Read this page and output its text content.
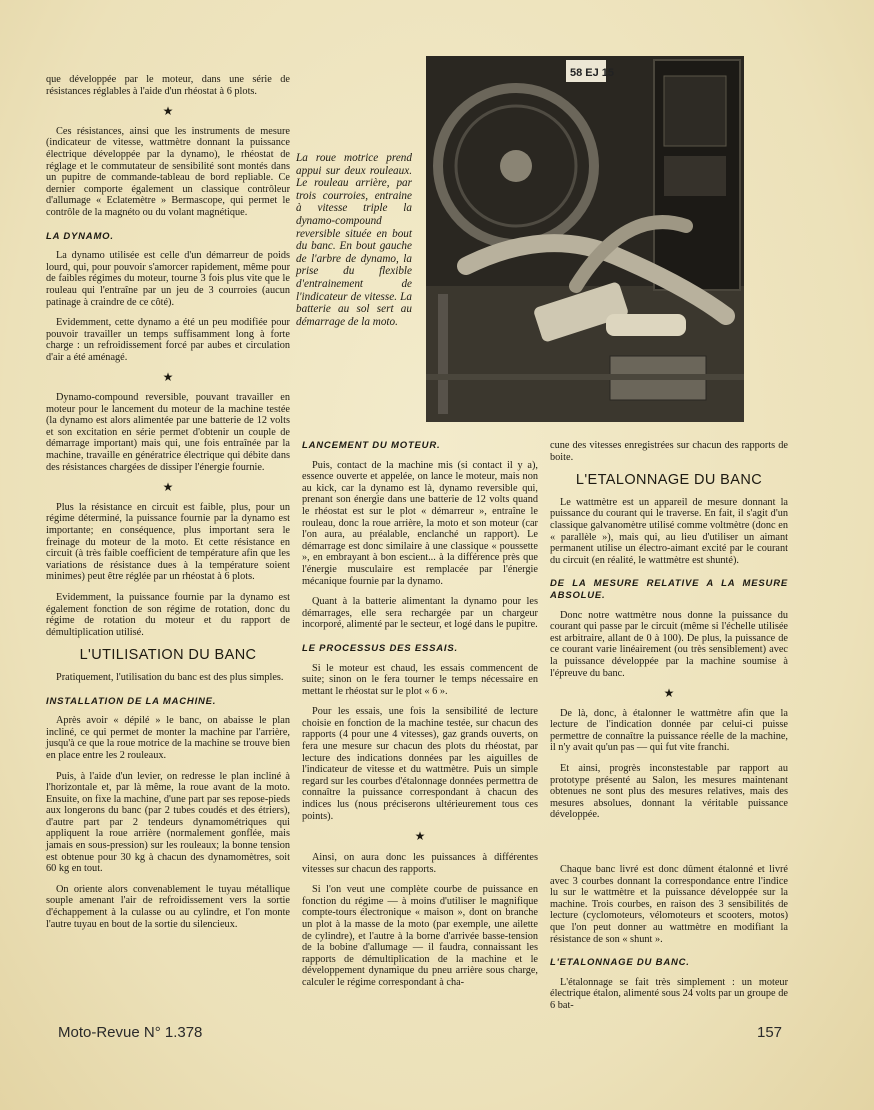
que développée par le moteur, dans une série de résistances réglables à l'aide d'un rhéostat à 6 plots.

★

Ces résistances, ainsi que les instruments de mesure (indicateur de vitesse, wattmètre donnant la puissance électrique développée par la dynamo), le rhéostat de réglage et le commutateur de sensibilité sont montés dans un pupitre de commande-tableau de bord repliable. Ce dernier comporte également un classique contrôleur d'allumage « Eclatemètre » Bermascope, qui permet le contrôle de la magnéto ou du volant magnétique.

LA DYNAMO.

La dynamo utilisée est celle d'un démarreur de poids lourd, qui, pour pouvoir s'amorcer rapidement, même pour de faibles régimes du moteur, tourne 3 fois plus vite que le rouleau qui l'entraîne par un jeu de 3 courroies (aucun patinage à craindre de ce côté).

Evidemment, cette dynamo a été un peu modifiée pour pouvoir travailler un temps suffisamment long à forte charge : un refroidissement forcé par aubes et circulation d'air a été aménagé.

★

Dynamo-compound reversible, pouvant travailler en moteur pour le lancement du moteur de la machine testée (la dynamo est alors alimentée par une batterie de 12 volts et son excitation en série permet d'obtenir un couple de démarrage important) mais qui, une fois entraînée par la machine, travaille en génératrice électrique qui débite dans des résistances chargées de dissiper l'énergie fournie.

★

Plus la résistance en circuit est faible, plus, pour un régime déterminé, la puissance fournie par la dynamo est importante; en conséquence, plus important sera le freinage du moteur de la moto. Et cette résistance en circuit (à très faible coefficient de température afin que les variations de résistance dues à la température soient minimes) peut être réglée par un rhéostat à 6 plots.

Evidemment, la puissance fournie par la dynamo est également fonction de son régime de rotation, donc du régime de rotation du moteur et du rapport de démultiplication utilisé.

L'UTILISATION DU BANC

Pratiquement, l'utilisation du banc est des plus simples.

INSTALLATION DE LA MACHINE.

Après avoir « dépilé » le banc, on abaisse le plan incliné, ce qui permet de monter la machine par l'arrière, jusqu'à ce que la roue motrice de la machine se trouve bien en place entre les 2 rouleaux.

Puis, à l'aide d'un levier, on redresse le plan incliné à l'horizontale et, par là même, la roue avant de la moto. Ensuite, on fixe la machine, d'une part par ses repose-pieds aux longerons du banc (par 2 tubes coudés et des étriers), d'autre part par 2 tendeurs dynamométriques qui appliquent la roue arrière (normalement gonflée, mais jamais en sous-pression) sur les rouleaux; la bonne tension est obtenue pour 30 kg à chacun des dynamomètres, soit 60 kg en tout.

On oriente alors convenablement le tuyau métallique souple amenant l'air de refroidissement vers la sortie d'échappement à la culasse ou au cylindre, et l'on monte l'autre tuyau en bout de la sortie du silencieux.

La roue motrice prend appui sur deux rouleaux. Le rouleau arrière, par trois courroies, entraine à vitesse triple la dynamo-compound reversible située en bout du banc. En bout gauche de l'arbre de dynamo, la prise du flexible d'entrainement de l'indicateur de vitesse. La batterie au sol sert au démarrage de la moto.
58 EJ 15
LANCEMENT DU MOTEUR.

Puis, contact de la machine mis (si contact il y a), essence ouverte et appelée, on lance le moteur, mais non au kick, car la dynamo est là, dynamo reversible qui, prenant son énergie dans une batterie de 12 volts quand le rhéostat est sur le plot « démarreur », entraîne le rouleau, donc la roue arrière, la moto et son moteur (car l'on aura, au préalable, enclanché un rapport). Le démarrage est donc similaire à une classique « poussette », en embrayant à bon escient... à la différence près que l'énergie musculaire est remplacée par l'énergie mécanique fournie par la dynamo.

Quant à la batterie alimentant la dynamo pour les démarrages, elle sera rechargée par un chargeur incorporé, alimenté par le secteur, et logé dans le pupitre.

LE PROCESSUS DES ESSAIS.

Si le moteur est chaud, les essais commencent de suite; sinon on le fera tourner le temps nécessaire en mettant le rhéostat sur le plot « 6 ».

Pour les essais, une fois la sensibilité de lecture choisie en fonction de la machine testée, sur chacun des rapports (4 pour une 4 vitesses), gaz grands ouverts, on fera une mesure sur chacun des plots du rhéostat, par lecture des indications données par les aiguilles de l'indicateur de vitesse et du wattmètre. Puis un simple regard sur les courbes d'étalonnage données permettra de connaître la puissance correspondant à chacun des indices lus (nous préciserons ultérieurement tous ces points).

★

Ainsi, on aura donc les puissances à différentes vitesses sur chacun des rapports.

Si l'on veut une complète courbe de puissance en fonction du régime — à moins d'utiliser le magnifique compte-tours électronique « maison », dont on branche un plot à la masse de la moto (par exemple, une ailette de cylindre), et l'autre à la borne d'arrivée basse-tension de la bobine d'allumage — il faudra, connaissant les rapports de démultiplication de la machine et le développement dynamique du pneu arrière sous charge, calculer le régime correspondant à cha-

cune des vitesses enregistrées sur chacun des rapports de boite.

L'ETALONNAGE DU BANC

Le wattmètre est un appareil de mesure donnant la puissance du courant qui le traverse. En fait, il s'agit d'un classique galvanomètre utilisé comme voltmètre (donc en « parallèle »), mais qui, au lieu d'utiliser un aimant permanent utilise un électro-aimant excité par le courant du circuit (en réalité, le wattmètre est shunté).

DE LA MESURE RELATIVE A LA MESURE ABSOLUE.

Donc notre wattmètre nous donne la puissance du courant qui passe par le circuit (même si l'échelle utilisée est arbitraire, allant de 0 à 100). De plus, la puissance de ce courant varie linéairement (ou très sensiblement) avec la puissance développée par la machine soumise à l'épreuve du banc.

★

De là, donc, à étalonner le wattmètre afin que la lecture de l'indication donnée par celui-ci puisse permettre de connaître la puissance réelle de la machine, il n'y avait qu'un pas — qui fut vite franchi.

Et ainsi, progrès inconstestable par rapport au prototype présenté au Salon, les mesures maintenant obtenues ne sont plus des mesures relatives, mais des mesures absolues, donnant la véritable puissance développée.

Chaque banc livré est donc dûment étalonné et livré avec 3 courbes donnant la correspondance entre l'indice lu sur le wattmètre et la puissance développée sur la machine. Trois courbes, en raison des 3 sensibilités de lecture (cyclomoteurs, vélomoteurs et scooters, motos) que l'on peut donner au wattmètre en modifiant la résistance de son « shunt ».

L'ETALONNAGE DU BANC.

L'étalonnage se fait très simplement : un moteur électrique étalon, alimenté sous 24 volts par un groupe de 6 bat-

Moto-Revue N° 1.378	157
